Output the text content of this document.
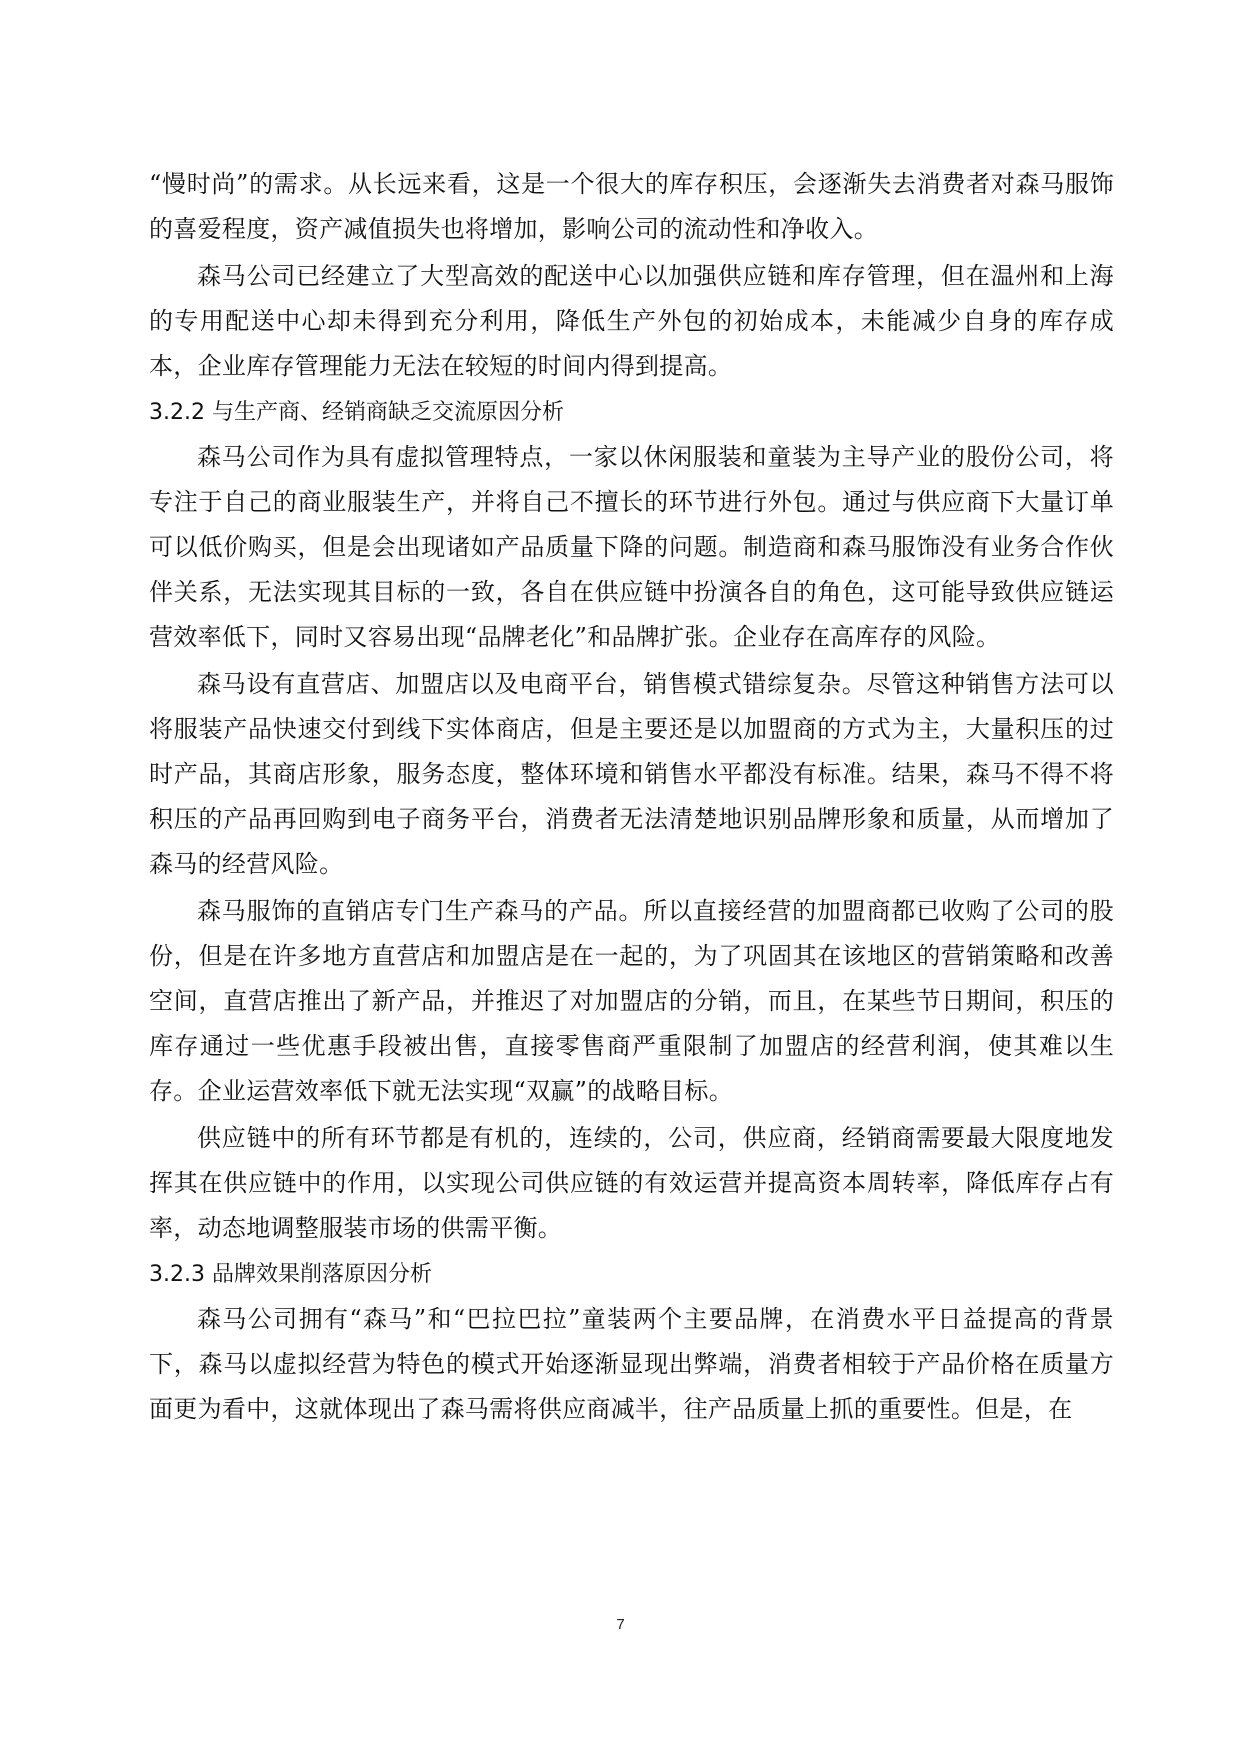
“慢时尚”的需求。从长远来看，这是一个很大的库存积压，会逐渐失去消费者对森马服饰的喜爱程度，资产减值损失也将增加，影响公司的流动性和净收入。

森马公司已经建立了大型高效的配送中心以加强供应链和库存管理，但在温州和上海的专用配送中心却未得到充分利用，降低生产外包的初始成本，未能减少自身的库存成本，企业库存管理能力无法在较短的时间内得到提高。

3.2.2 与生产商、经销商缺乏交流原因分析

森马公司作为具有虚拟管理特点，一家以休闲服装和童装为主导产业的股份公司，将专注于自己的商业服装生产，并将自己不擅长的环节进行外包。通过与供应商下大量订单可以低价购买，但是会出现诸如产品质量下降的问题。制造商和森马服饰没有业务合作伙伴关系，无法实现其目标的一致，各自在供应链中扮演各自的角色，这可能导致供应链运营效率低下，同时又容易出现“品牌老化”和品牌扩张。企业存在高库存的风险。

森马设有直营店、加盟店以及电商平台，销售模式错综复杂。尽管这种销售方法可以将服装产品快速交付到线下实体商店，但是主要还是以加盟商的方式为主，大量积压的过时产品，其商店形象，服务态度，整体环境和销售水平都没有标准。结果，森马不得不将积压的产品再回购到电子商务平台，消费者无法清楚地识别品牌形象和质量，从而增加了森马的经营风险。

森马服饰的直销店专门生产森马的产品。所以直接经营的加盟商都已收购了公司的股份，但是在许多地方直营店和加盟店是在一起的，为了巩固其在该地区的营销策略和改善空间，直营店推出了新产品，并推迟了对加盟店的分销，而且，在某些节日期间，积压的库存通过一些优惠手段被出售，直接零售商严重限制了加盟店的经营利润，使其难以生存。企业运营效率低下就无法实现“双赢”的战略目标。

供应链中的所有环节都是有机的，连续的，公司，供应商，经销商需要最大限度地发挥其在供应链中的作用，以实现公司供应链的有效运营并提高资本周转率，降低库存占有率，动态地调整服装市场的供需平衡。

3.2.3 品牌效果削落原因分析

森马公司拥有“森马”和“巴拉巴拉”童装两个主要品牌，在消费水平日益提高的背景下，森马以虚拟经营为特色的模式开始逐渐显现出弊端，消费者相较于产品价格在质量方面更为看中，这就体现出了森马需将供应商减半，往产品质量上抓的重要性。但是，在

7
